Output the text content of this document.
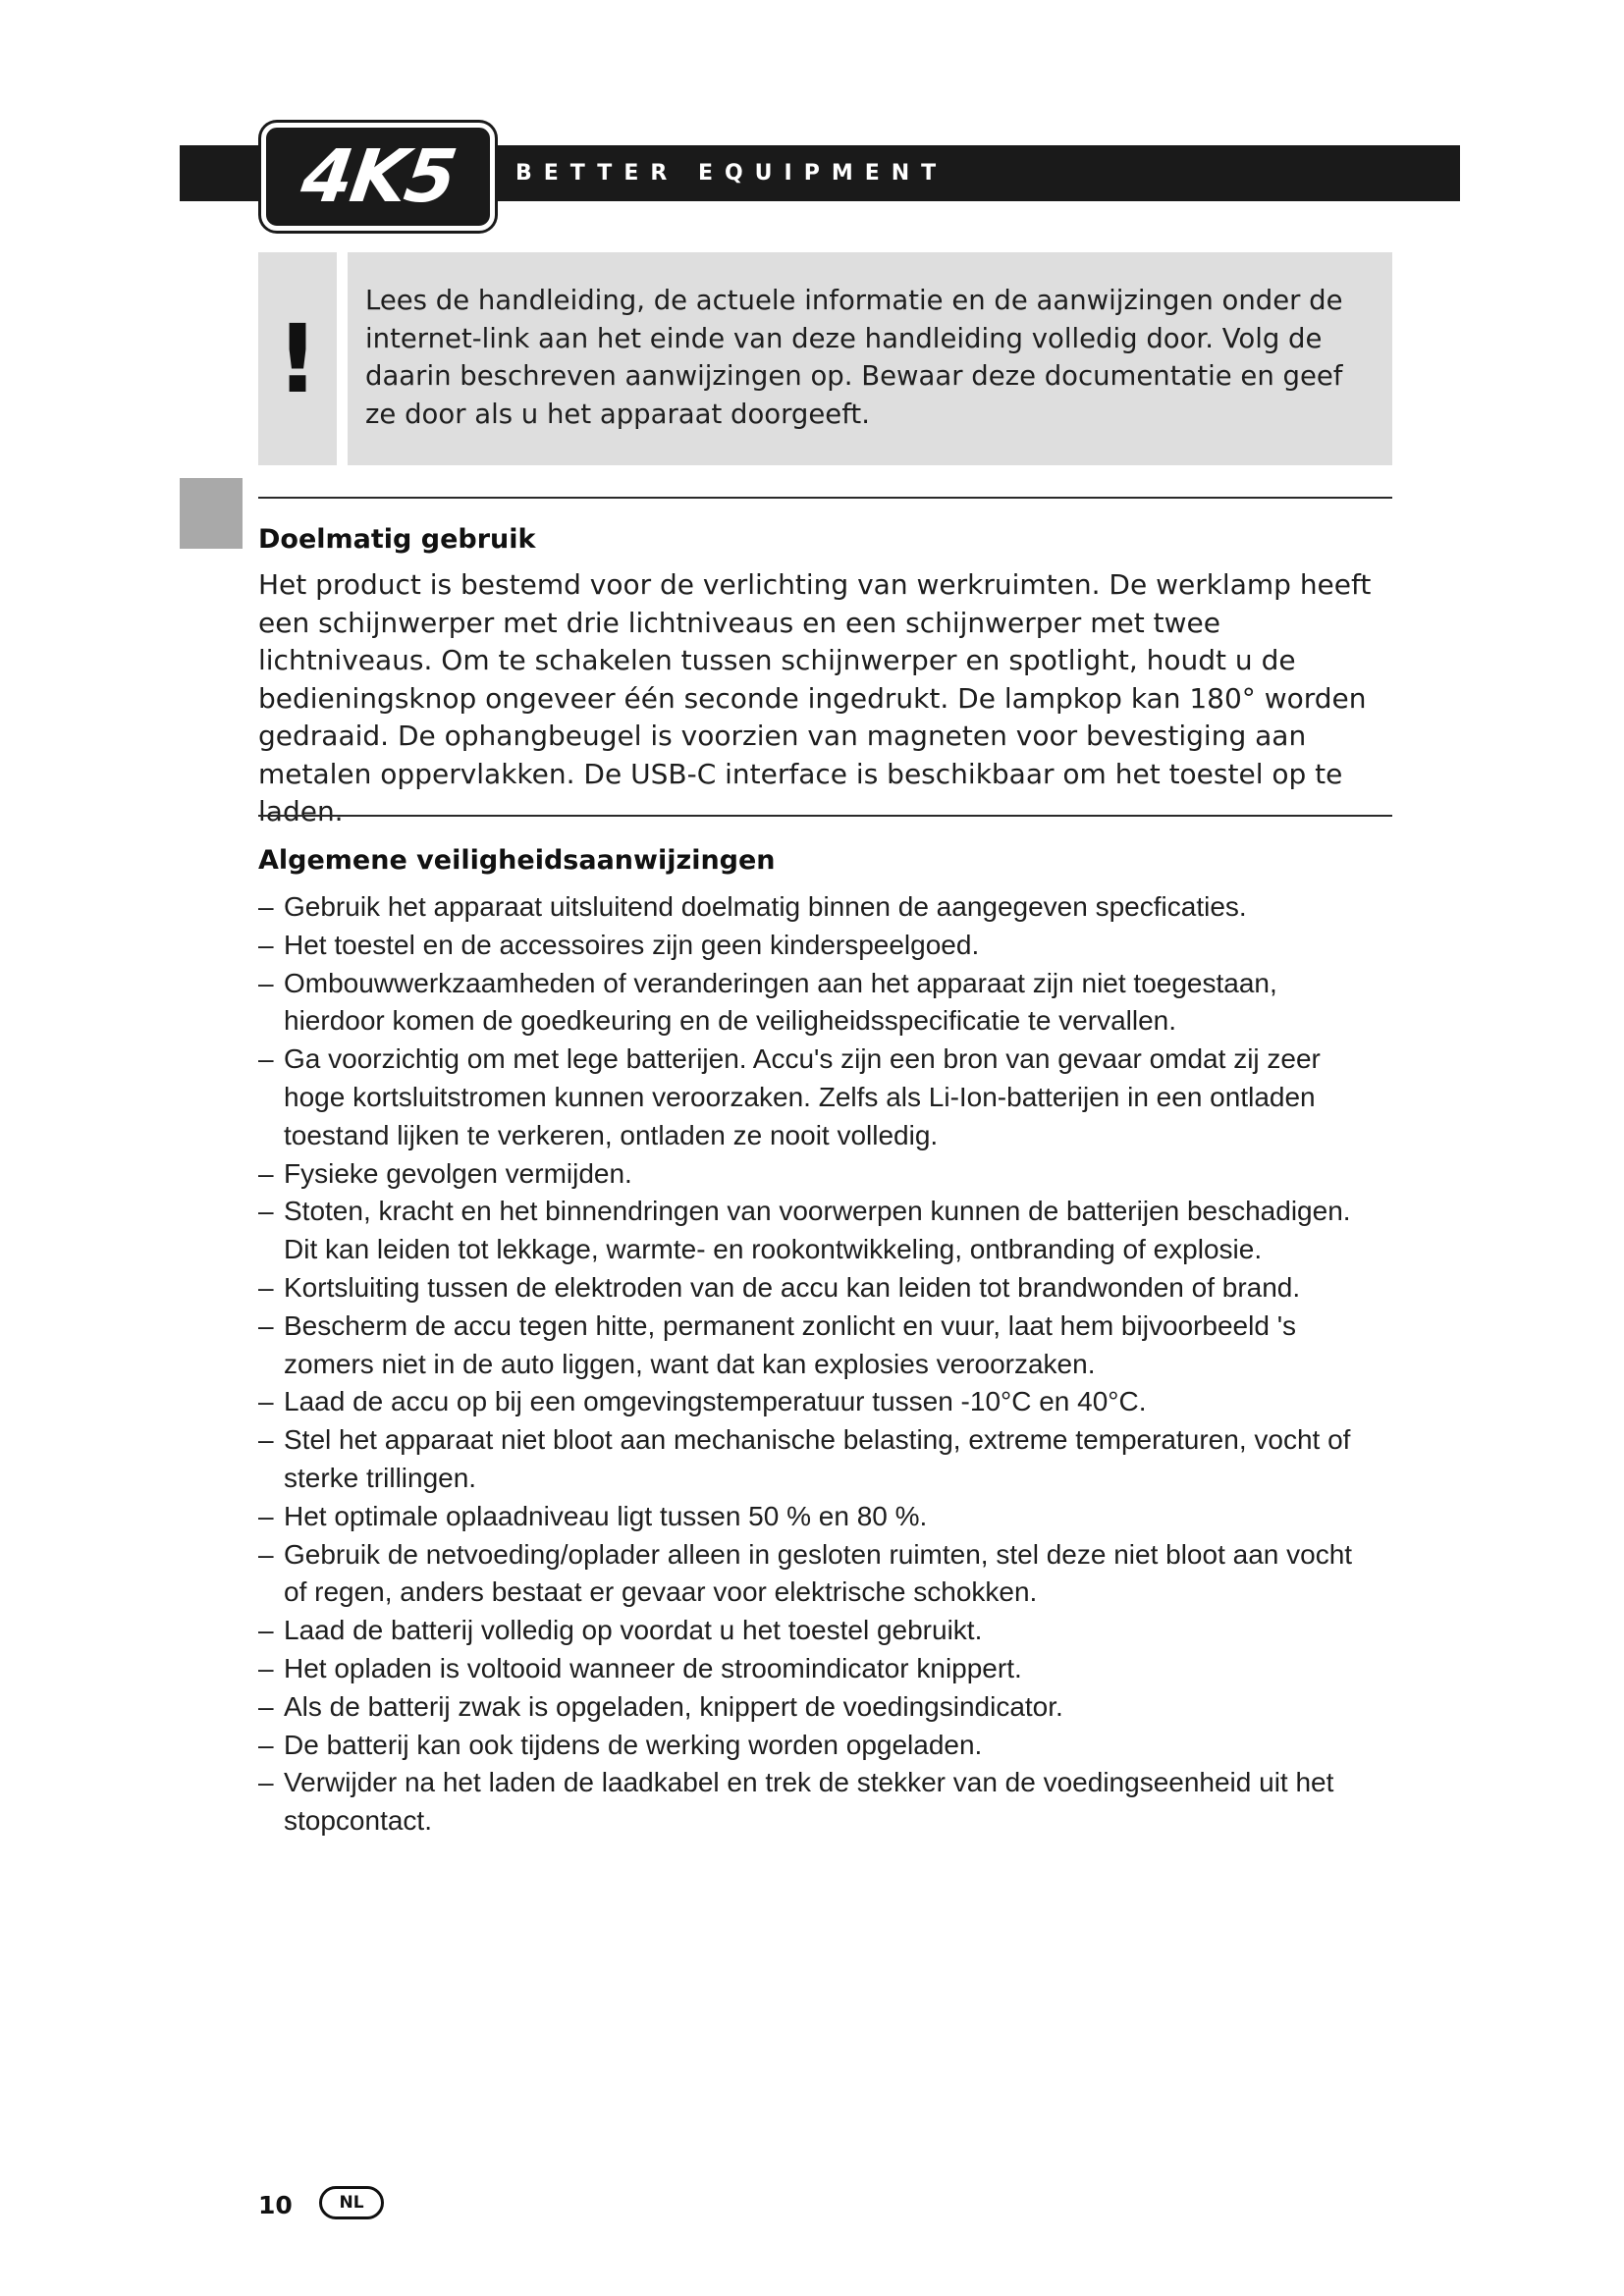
4K5	BETTER EQUIPMENT
!

Lees de handleiding, de actuele informatie en de aanwijzingen onder de internet-link aan het einde van deze handleiding volledig door. Volg de daarin beschreven aanwijzingen op. Bewaar deze documentatie en geef ze door als u het apparaat doorgeeft.

Doelmatig gebruik

Het product is bestemd voor de verlichting van werkruimten. De werklamp heeft een schijnwerper met drie lichtniveaus en een schijnwerper met twee lichtniveaus. Om te schakelen tussen schijnwerper en spotlight, houdt u de bedieningsknop ongeveer één seconde ingedrukt. De lampkop kan 180° worden gedraaid. De ophangbeugel is voorzien van magneten voor bevestiging aan metalen oppervlakken. De USB-C interface is beschikbaar om het toestel op te laden.

Algemene veiligheidsaanwijzingen
– Gebruik het apparaat uitsluitend doelmatig binnen de aangegeven specficaties.
– Het toestel en de accessoires zijn geen kinderspeelgoed.
– Ombouwwerkzaamheden of veranderingen aan het apparaat zijn niet toegestaan, hierdoor komen de goedkeuring en de veiligheidsspecificatie te vervallen.
– Ga voorzichtig om met lege batterijen. Accu's zijn een bron van gevaar omdat zij zeer hoge kortsluitstromen kunnen veroorzaken. Zelfs als Li-Ion-batterijen in een ontladen toestand lijken te verkeren, ontladen ze nooit volledig.
– Fysieke gevolgen vermijden.
– Stoten, kracht en het binnendringen van voorwerpen kunnen de batterijen beschadigen. Dit kan leiden tot lekkage, warmte- en rookontwikkeling, ontbranding of explosie.
– Kortsluiting tussen de elektroden van de accu kan leiden tot brandwonden of brand.
– Bescherm de accu tegen hitte, permanent zonlicht en vuur, laat hem bijvoorbeeld 's zomers niet in de auto liggen, want dat kan explosies veroorzaken.
– Laad de accu op bij een omgevingstemperatuur tussen -10°C en 40°C.
– Stel het apparaat niet bloot aan mechanische belasting, extreme temperaturen, vocht of sterke trillingen.
– Het optimale oplaadniveau ligt tussen 50 % en 80 %.
– Gebruik de netvoeding/oplader alleen in gesloten ruimten, stel deze niet bloot aan vocht of regen, anders bestaat er gevaar voor elektrische schokken.
– Laad de batterij volledig op voordat u het toestel gebruikt.
– Het opladen is voltooid wanneer de stroomindicator knippert.
– Als de batterij zwak is opgeladen, knippert de voedingsindicator.
– De batterij kan ook tijdens de werking worden opgeladen.
– Verwijder na het laden de laadkabel en trek de stekker van de voedingseenheid uit het stopcontact.
10	NL
